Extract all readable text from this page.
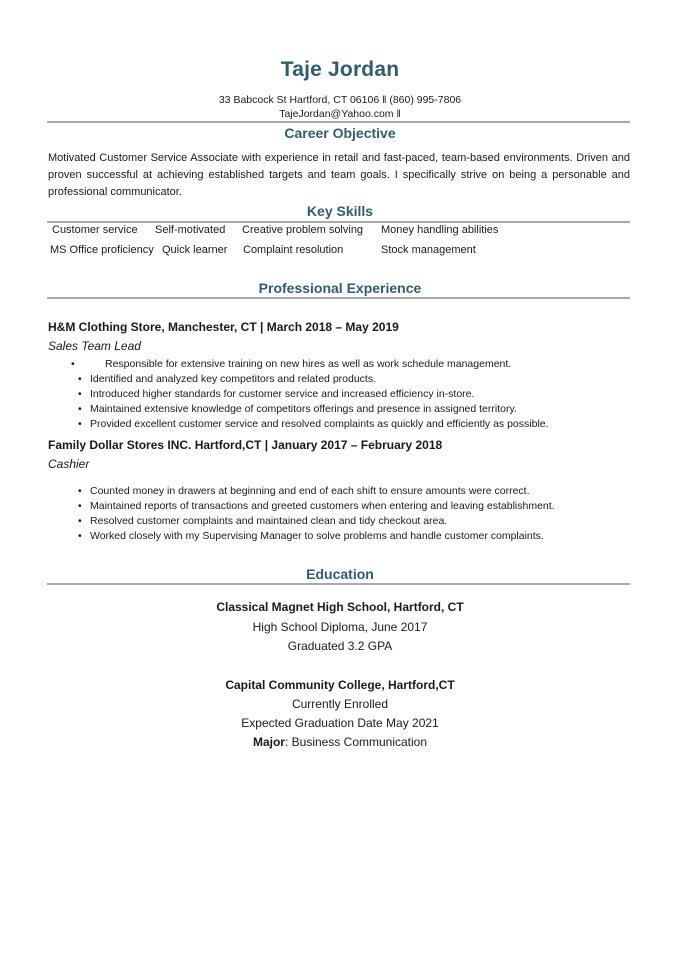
Taje Jordan
33 Babcock St Hartford, CT 06106 ǁ (860) 995-7806
TajeJordan@Yahoo.com ǁ
Career Objective
Motivated Customer Service Associate with experience in retail and fast-paced, team-based environments. Driven and proven successful at achieving established targets and team goals. I specifically strive on being a personable and professional communicator.
Key Skills
Customer service Self-motivated Creative problem solving Money handling abilities
MS Office proficiency Quick learner Complaint resolution	Stock management
Professional Experience
H&M Clothing Store, Manchester, CT | March 2018 – May 2019
Sales Team Lead
• Responsible for extensive training on new hires as well as work schedule management.
• Identified and analyzed key competitors and related products.
• Introduced higher standards for customer service and increased efficiency in-store.
• Maintained extensive knowledge of competitors offerings and presence in assigned territory.
• Provided excellent customer service and resolved complaints as quickly and efficiently as possible.
Family Dollar Stores INC. Hartford,CT | January 2017 – February 2018
Cashier
• Counted money in drawers at beginning and end of each shift to ensure amounts were correct.
• Maintained reports of transactions and greeted customers when entering and leaving establishment.
• Resolved customer complaints and maintained clean and tidy checkout area.
• Worked closely with my Supervising Manager to solve problems and handle customer complaints.
Education
Classical Magnet High School, Hartford, CT
High School Diploma, June 2017
Graduated 3.2 GPA
Capital Community College, Hartford,CT
Currently Enrolled
Expected Graduation Date May 2021
Major: Business Communication
